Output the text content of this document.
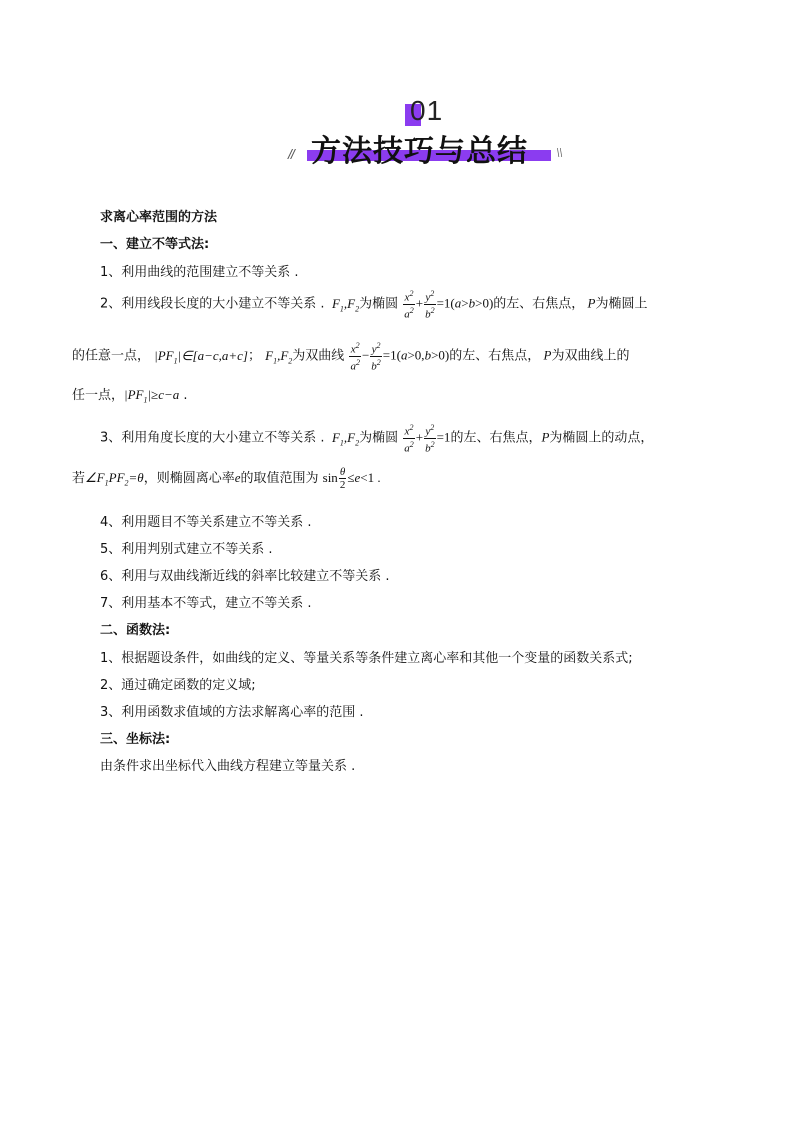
01
方法技巧与总结
//	\\
求离心率范围的方法
一、建立不等式法:
1、利用曲线的范围建立不等关系 .
2、利用线段长度的大小建立不等关系 .  $F_1,F_2$为椭圆 $\frac{x^2}{a^2} + \frac{y^2}{b^2} =1(a>b>0)$的左、右焦点， P为椭圆上
的任意一点， $|PF_1|\in[a-c,a+c]$； $F_1,F_2$为双曲线 $\frac{x^2}{a^2} - \frac{y^2}{b^2} =1(a>0,b>0)$的左、右焦点， P为双曲线上的
任一点，$|PF_1|\ge c-a$ .
3、利用角度长度的大小建立不等关系 .  $F_1,F_2$为椭圆 $\frac{x^2}{a^2} + \frac{y^2}{b^2} =1$的左、右焦点，P为椭圆上的动点，
若$\angle F_1PF_2=\theta$，则椭圆离心率e的取值范围为 $\sin \frac{\theta}{2} \le e<1$ .
4、利用题目不等关系建立不等关系 .
5、利用判别式建立不等关系 .
6、利用与双曲线渐近线的斜率比较建立不等关系 .
7、利用基本不等式，建立不等关系 .
二、函数法:
1、根据题设条件，如曲线的定义、等量关系等条件建立离心率和其他一个变量的函数关系式;
2、通过确定函数的定义域;
3、利用函数求值域的方法求解离心率的范围 .
三、坐标法:
由条件求出坐标代入曲线方程建立等量关系 .
